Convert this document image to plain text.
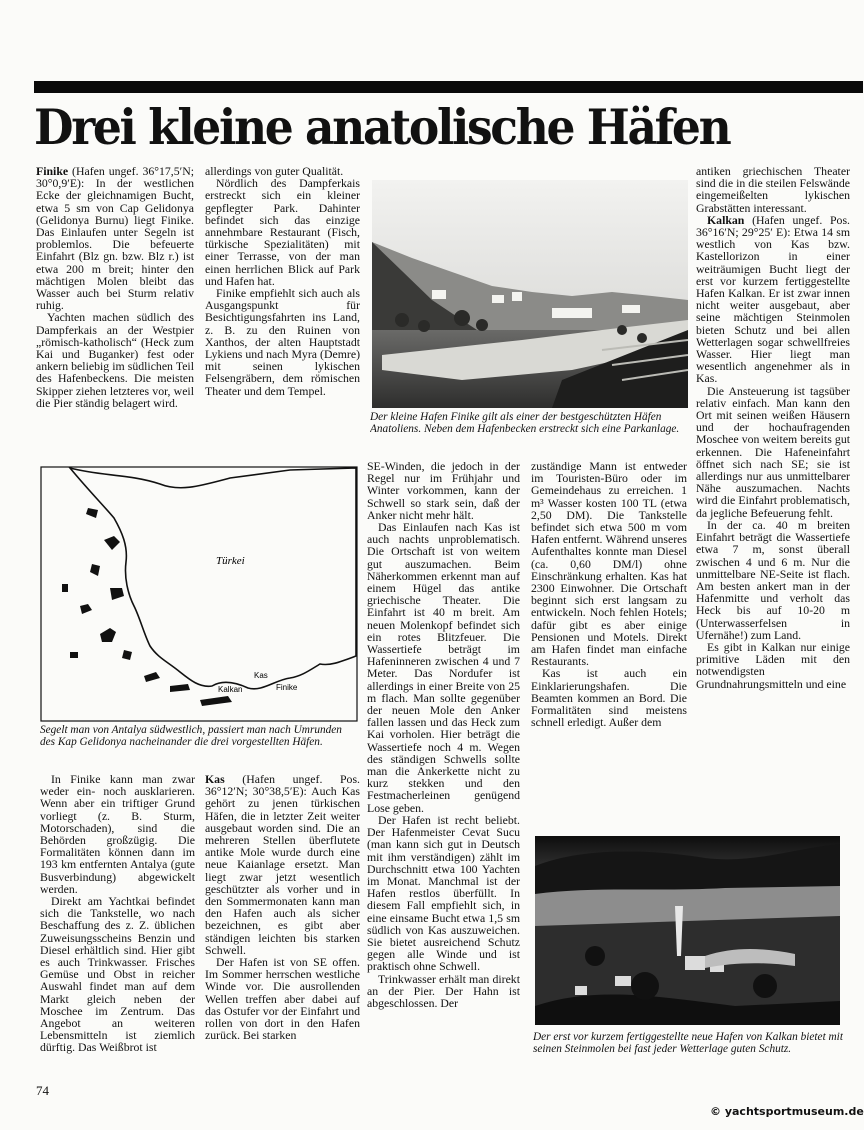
Drei kleine anatolische Häfen

Finike (Hafen ungef. 36°17,5′N; 30°0,9′E): In der westlichen Ecke der gleichnamigen Bucht, etwa 5 sm von Cap Gelidonya (Gelidonya Burnu) liegt Finike. Das Einlaufen unter Segeln ist problemlos. Die befeuerte Einfahrt (Blz gn. bzw. Blz r.) ist etwa 200 m breit; hinter den mächtigen Molen bleibt das Wasser auch bei Sturm relativ ruhig.

Yachten machen südlich des Dampferkais an der Westpier „römisch-katholisch“ (Heck zum Kai und Buganker) fest oder ankern beliebig im südlichen Teil des Hafenbeckens. Die meisten Skipper ziehen letzteres vor, weil die Pier ständig belagert wird.

allerdings von guter Qualität.

Nördlich des Dampferkais erstreckt sich ein kleiner gepflegter Park. Dahinter befindet sich das einzige annehmbare Restaurant (Fisch, türkische Spezialitäten) mit einer Terrasse, von der man einen herrlichen Blick auf Park und Hafen hat.

Finike empfiehlt sich auch als Ausgangspunkt für Besichtigungsfahrten ins Land, z. B. zu den Ruinen von Xanthos, der alten Hauptstadt Lykiens und nach Myra (Demre) mit seinen lykischen Felsengräbern, dem römischen Theater und dem Tempel.

Der kleine Hafen Finike gilt als einer der bestgeschützten Häfen Anatoliens. Neben dem Hafenbecken erstreckt sich eine Parkanlage.

antiken griechischen Theater sind die in die steilen Felswände eingemeißelten lykischen Grabstätten interessant.

Kalkan (Hafen ungef. Pos. 36°16′N; 29°25′ E): Etwa 14 sm westlich von Kas bzw. Kastellorizon in einer weiträumigen Bucht liegt der erst vor kurzem fertiggestellte Hafen Kalkan. Er ist zwar innen nicht weiter ausgebaut, aber seine mächtigen Steinmolen bieten Schutz und bei allen Wetterlagen sogar schwellfreies Wasser. Hier liegt man wesentlich angenehmer als in Kas.

Die Ansteuerung ist tagsüber relativ einfach. Man kann den Ort mit seinen weißen Häusern und der hochaufragenden Moschee von weitem bereits gut erkennen. Die Hafeneinfahrt öffnet sich nach SE; sie ist allerdings nur aus unmittelbarer Nähe auszumachen. Nachts wird die Einfahrt problematisch, da jegliche Befeuerung fehlt.

In der ca. 40 m breiten Einfahrt beträgt die Wassertiefe etwa 7 m, sonst überall zwischen 4 und 6 m. Nur die unmittelbare NE-Seite ist flach. Am besten ankert man in der Hafenmitte und verholt das Heck bis auf 10-20 m (Unterwasserfelsen in Ufernähe!) zum Land.

Es gibt in Kalkan nur einige primitive Läden mit den notwendigsten Grundnahrungsmitteln und eine

Türkei
Kas
Kalkan	Finike

Segelt man von Antalya südwestlich, passiert man nach Umrunden des Kap Gelidonya nacheinander die drei vorgestellten Häfen.

SE-Winden, die jedoch in der Regel nur im Frühjahr und Winter vorkommen, kann der Schwell so stark sein, daß der Anker nicht mehr hält.

Das Einlaufen nach Kas ist auch nachts unproblematisch. Die Ortschaft ist von weitem gut auszumachen. Beim Näherkommen erkennt man auf einem Hügel das antike griechische Theater. Die Einfahrt ist 40 m breit. Am neuen Molenkopf befindet sich ein rotes Blitzfeuer. Die Wassertiefe beträgt im Hafeninneren zwischen 4 und 7 Meter. Das Nordufer ist allerdings in einer Breite von 25 m flach. Man sollte gegenüber der neuen Mole den Anker fallen lassen und das Heck zum Kai vorholen. Hier beträgt die Wassertiefe noch 4 m. Wegen des ständigen Schwells sollte man die Ankerkette nicht zu kurz stekken und den Festmacherleinen genügend Lose geben.

Der Hafen ist recht beliebt. Der Hafenmeister Cevat Sucu (man kann sich gut in Deutsch mit ihm verständigen) zählt im Durchschnitt etwa 100 Yachten im Monat. Manchmal ist der Hafen restlos überfüllt. In diesem Fall empfiehlt sich, in eine einsame Bucht etwa 1,5 sm südlich von Kas auszuweichen. Sie bietet ausreichend Schutz gegen alle Winde und ist praktisch ohne Schwell.

Trinkwasser erhält man direkt an der Pier. Der Hahn ist abgeschlossen. Der

zuständige Mann ist entweder im Touristen-Büro oder im Gemeindehaus zu erreichen. 1 m³ Wasser kosten 100 TL (etwa 2,50 DM). Die Tankstelle befindet sich etwa 500 m vom Hafen entfernt. Während unseres Aufenthaltes konnte man Diesel (ca. 0,60 DM/l) ohne Einschränkung erhalten. Kas hat 2300 Einwohner. Die Ortschaft beginnt sich erst langsam zu entwickeln. Noch fehlen Hotels; dafür gibt es aber einige Pensionen und Motels. Direkt am Hafen findet man einfache Restaurants.

Kas ist auch ein Einklarierungshafen. Die Beamten kommen an Bord. Die Formalitäten sind meistens schnell erledigt. Außer dem

In Finike kann man zwar weder ein- noch ausklarieren. Wenn aber ein triftiger Grund vorliegt (z. B. Sturm, Motorschaden), sind die Behörden großzügig. Die Formalitäten können dann im 193 km entfernten Antalya (gute Busverbindung) abgewickelt werden.

Direkt am Yachtkai befindet sich die Tankstelle, wo nach Beschaffung des z. Z. üblichen Zuweisungsscheins Benzin und Diesel erhältlich sind. Hier gibt es auch Trinkwasser. Frisches Gemüse und Obst in reicher Auswahl findet man auf dem Markt gleich neben der Moschee im Zentrum. Das Angebot an weiteren Lebensmitteln ist ziemlich dürftig. Das Weißbrot ist

Kas (Hafen ungef. Pos. 36°12′N; 30°38,5′E): Auch Kas gehört zu jenen türkischen Häfen, die in letzter Zeit weiter ausgebaut worden sind. Die an mehreren Stellen überflutete antike Mole wurde durch eine neue Kaianlage ersetzt. Man liegt zwar jetzt wesentlich geschützter als vorher und in den Sommermonaten kann man den Hafen auch als sicher bezeichnen, es gibt aber ständigen leichten bis starken Schwell.

Der Hafen ist von SE offen. Im Sommer herrschen westliche Winde vor. Die ausrollenden Wellen treffen aber dabei auf das Ostufer vor der Einfahrt und rollen von dort in den Hafen zurück. Bei starken	Der erst vor kurzem fertiggestellte neue Hafen von Kalkan bietet mit seinen Steinmolen bei fast jeder Wetterlage guten Schutz.

74

© yachtsportmuseum.de
